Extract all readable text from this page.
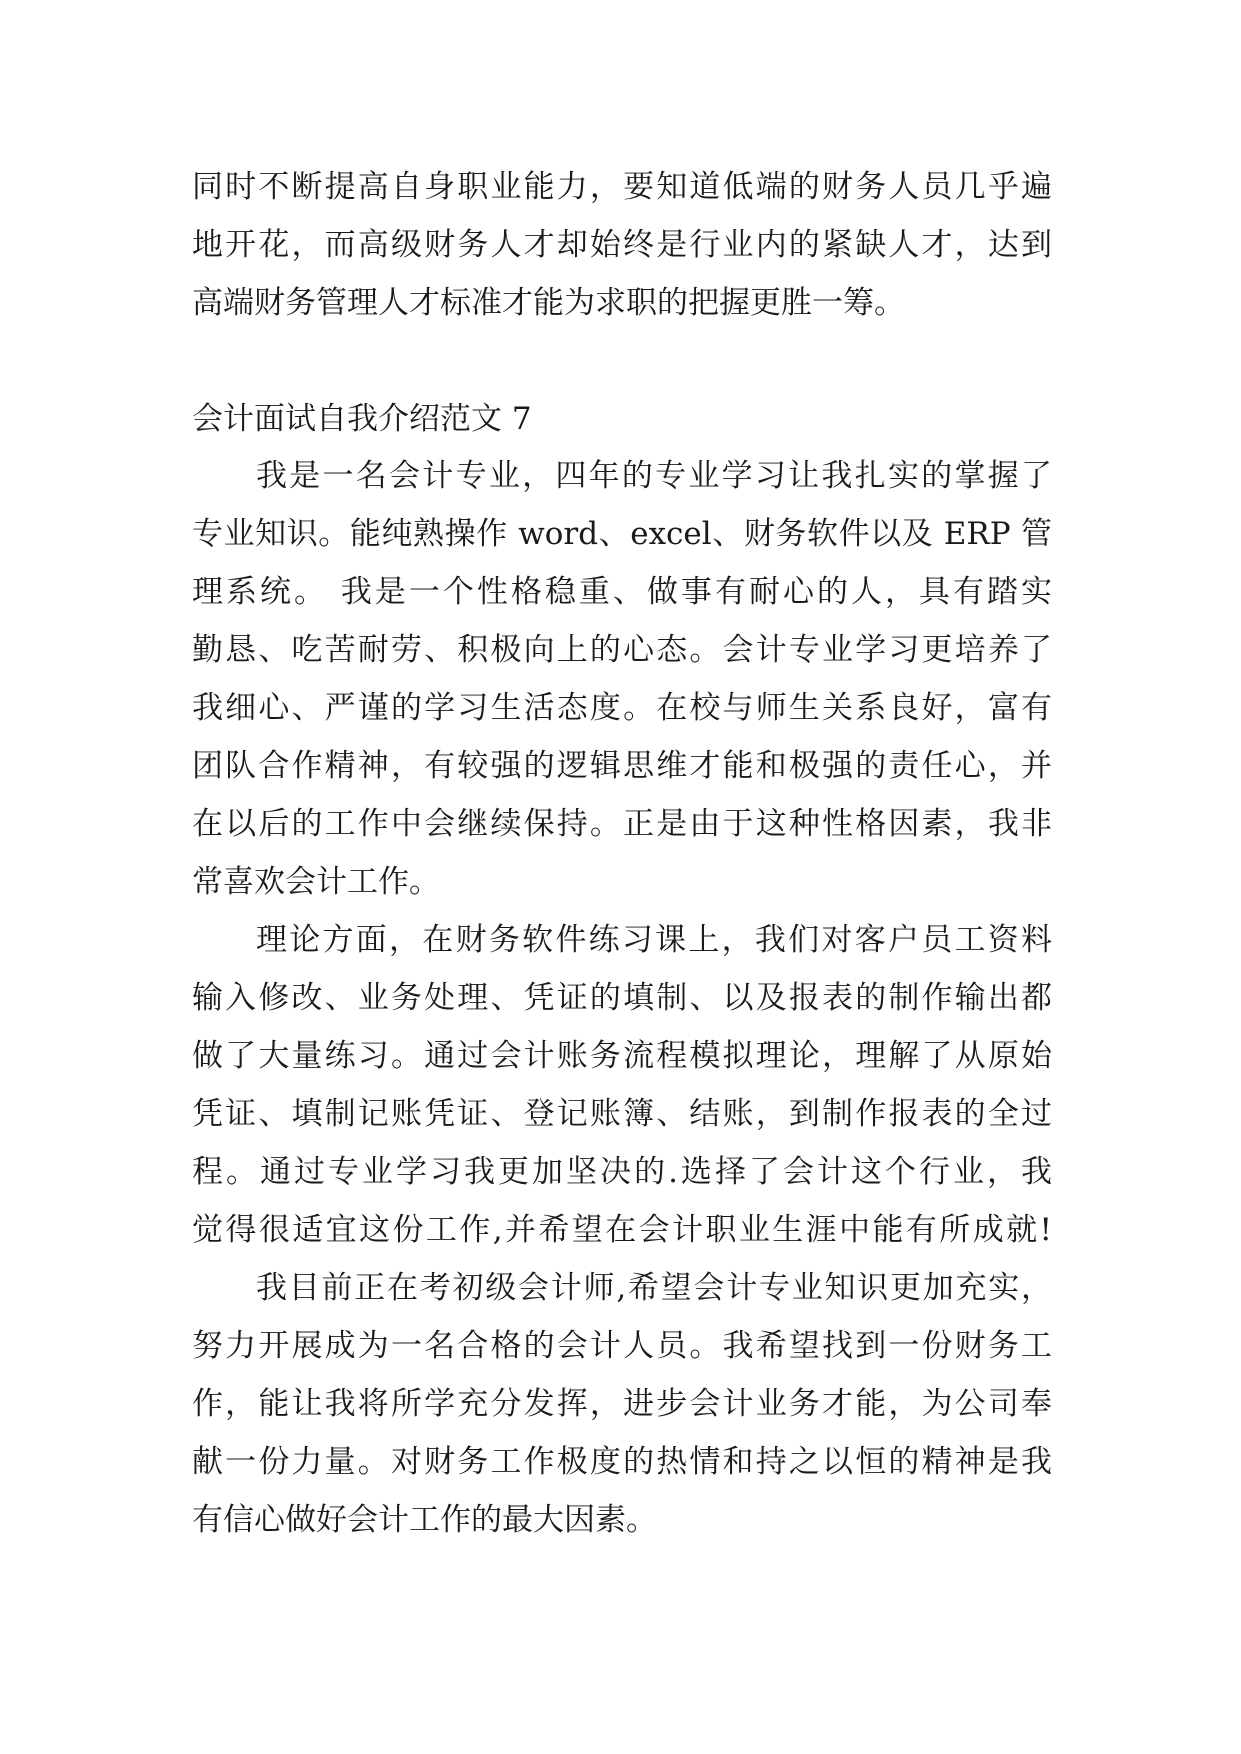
同时不断提高自身职业能力，要知道低端的财务人员几乎遍
地开花，而高级财务人才却始终是行业内的紧缺人才，达到
高端财务管理人才标准才能为求职的把握更胜一筹。
会计面试自我介绍范文 7
我是一名会计专业，四年的专业学习让我扎实的掌握了
专业知识。能纯熟操作 word、excel、财务软件以及 ERP 管
理系统。 我是一个性格稳重、做事有耐心的人，具有踏实
勤恳、吃苦耐劳、积极向上的心态。会计专业学习更培养了
我细心、严谨的学习生活态度。在校与师生关系良好，富有
团队合作精神，有较强的逻辑思维才能和极强的责任心，并
在以后的工作中会继续保持。正是由于这种性格因素，我非
常喜欢会计工作。
理论方面，在财务软件练习课上，我们对客户员工资料
输入修改、业务处理、凭证的填制、以及报表的制作输出都
做了大量练习。通过会计账务流程模拟理论，理解了从原始
凭证、填制记账凭证、登记账簿、结账，到制作报表的全过
程。通过专业学习我更加坚决的.选择了会计这个行业，我
觉得很适宜这份工作,并希望在会计职业生涯中能有所成就!
我目前正在考初级会计师,希望会计专业知识更加充实，
努力开展成为一名合格的会计人员。我希望找到一份财务工
作，能让我将所学充分发挥，进步会计业务才能，为公司奉
献一份力量。对财务工作极度的热情和持之以恒的精神是我
有信心做好会计工作的最大因素。
